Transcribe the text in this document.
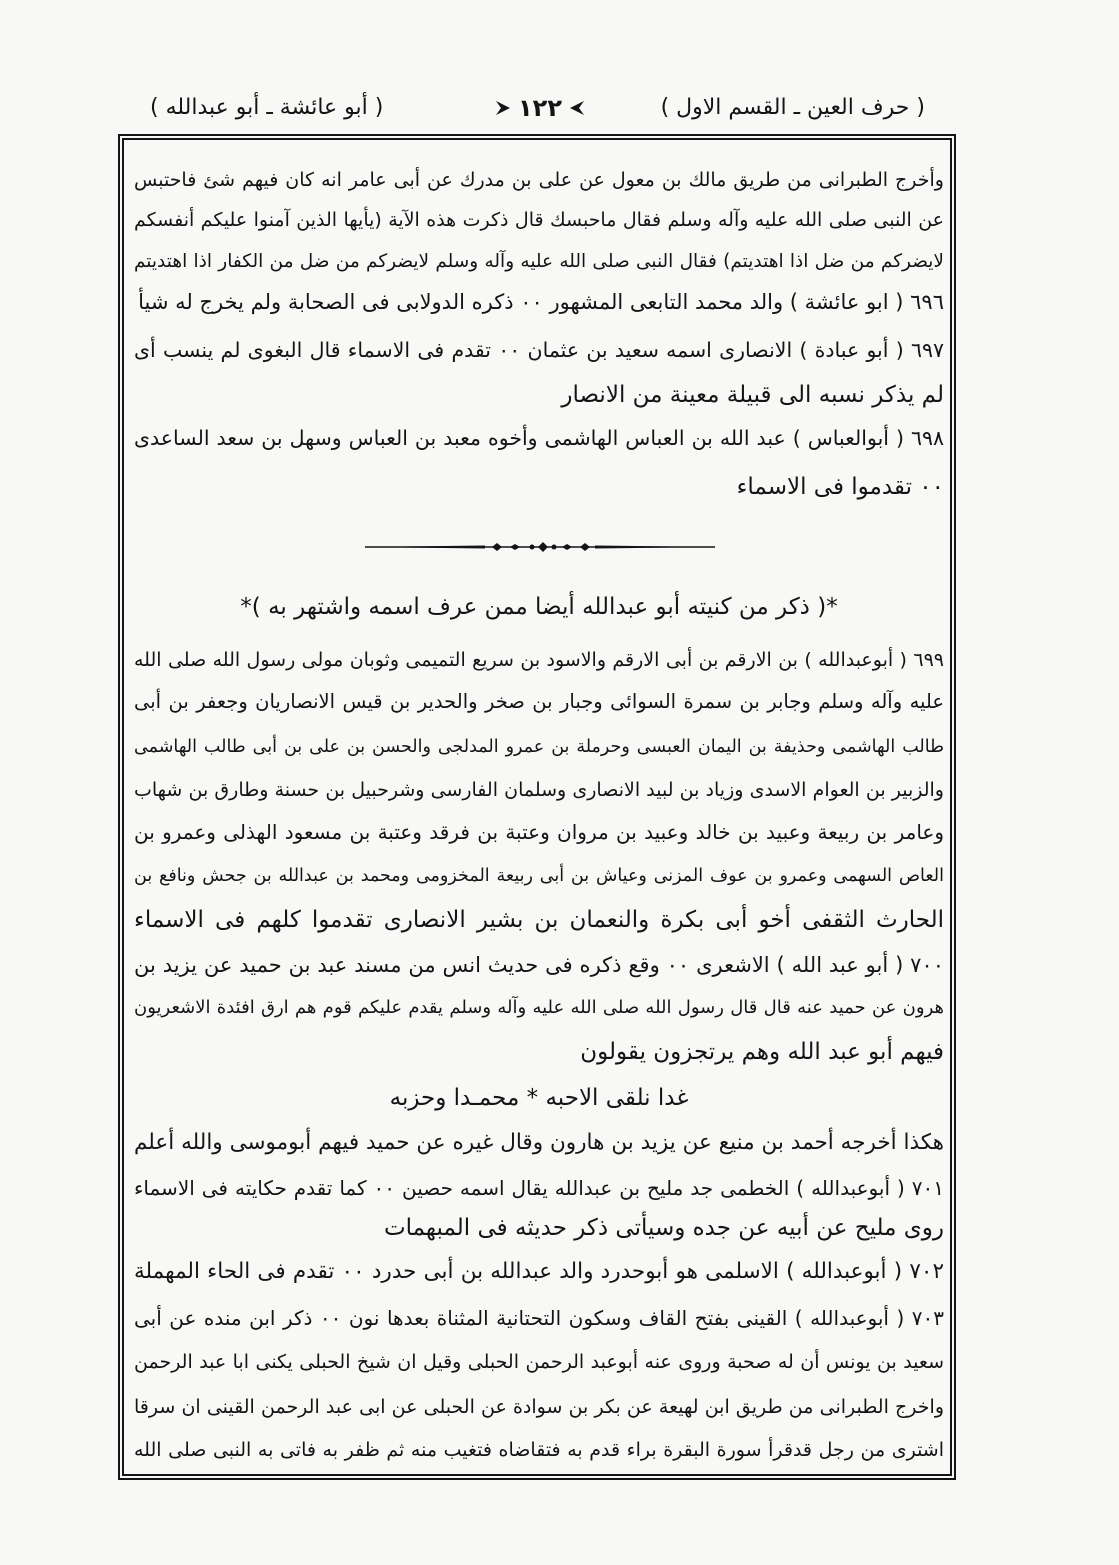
( حرف العين ـ القسم الاول )
١٢٢
( أبو عائشة ـ أبو عبدالله )
وأخرج الطبرانى من طريق مالك بن معول عن على بن مدرك عن أبى عامر انه كان فيهم شئ فاحتبس
عن النبى صلى الله عليه وآله وسلم فقال ماحبسك قال ذكرت هذه الآية (يأيها الذين آمنوا عليكم أنفسكم
لايضركم من ضل اذا اهتديتم) فقال النبى صلى الله عليه وآله وسلم لايضركم من ضل من الكفار اذا اهتديتم
٦٩٦ ( ابو عائشة ) والد محمد التابعى المشهور ٠٠ ذكره الدولابى فى الصحابة ولم يخرج له شيأ
٦٩٧ ( أبو عبادة ) الانصارى اسمه سعيد بن عثمان ٠٠ تقدم فى الاسماء قال البغوى لم ينسب أى
لم يذكر نسبه الى قبيلة معينة من الانصار
٦٩٨ ( أبوالعباس ) عبد الله بن العباس الهاشمى وأخوه معبد بن العباس وسهل بن سعد الساعدى
٠٠ تقدموا فى الاسماء
*( ذكر من كنيته أبو عبدالله أيضا ممن عرف اسمه واشتهر به )*
٦٩٩ ( أبوعبدالله ) بن الارقم بن أبى الارقم والاسود بن سريع التميمى وثوبان مولى رسول الله صلى الله
عليه وآله وسلم وجابر بن سمرة السوائى وجبار بن صخر والحدير بن قيس الانصاريان وجعفر بن أبى
طالب الهاشمى وحذيفة بن اليمان العبسى وحرملة بن عمرو المدلجى والحسن بن على بن أبى طالب الهاشمى
والزبير بن العوام الاسدى وزياد بن لبيد الانصارى وسلمان الفارسى وشرحبيل بن حسنة وطارق بن شهاب
وعامر بن ربيعة وعبيد بن خالد وعبيد بن مروان وعتبة بن فرقد وعتبة بن مسعود الهذلى وعمرو بن
العاص السهمى وعمرو بن عوف المزنى وعياش بن أبى ربيعة المخزومى ومحمد بن عبدالله بن جحش ونافع بن
الحارث الثقفى أخو أبى بكرة والنعمان بن بشير الانصارى تقدموا كلهم فى الاسماء
٧٠٠ ( أبو عبد الله ) الاشعرى ٠٠ وقع ذكره فى حديث انس من مسند عبد بن حميد عن يزيد بن
هرون عن حميد عنه قال قال رسول الله صلى الله عليه وآله وسلم يقدم عليكم قوم هم ارق افئدة الاشعريون
فيهم أبو عبد الله وهم يرتجزون يقولون
غدا نلقى الاحبه * محمـدا وحزبه
هكذا أخرجه أحمد بن منيع عن يزيد بن هارون وقال غيره عن حميد فيهم أبوموسى والله أعلم
٧٠١ ( أبوعبدالله ) الخطمى جد مليح بن عبدالله يقال اسمه حصين ٠٠ كما تقدم حكايته فى الاسماء
روى مليح عن أبيه عن جده وسيأتى ذكر حديثه فى المبهمات
٧٠٢ ( أبوعبدالله ) الاسلمى هو أبوحدرد والد عبدالله بن أبى حدرد ٠٠ تقدم فى الحاء المهملة
٧٠٣ ( أبوعبدالله ) القينى بفتح القاف وسكون التحتانية المثناة بعدها نون ٠٠ ذكر ابن منده عن أبى
سعيد بن يونس أن له صحبة وروى عنه أبوعبد الرحمن الحبلى وقيل ان شيخ الحبلى يكنى ابا عبد الرحمن
واخرج الطبرانى من طريق ابن لهيعة عن بكر بن سوادة عن الحبلى عن ابى عبد الرحمن القينى ان سرقا
اشترى من رجل قدقرأ سورة البقرة براء قدم به فتقاضاه فتغيب منه ثم ظفر به فاتى به النبى صلى الله
